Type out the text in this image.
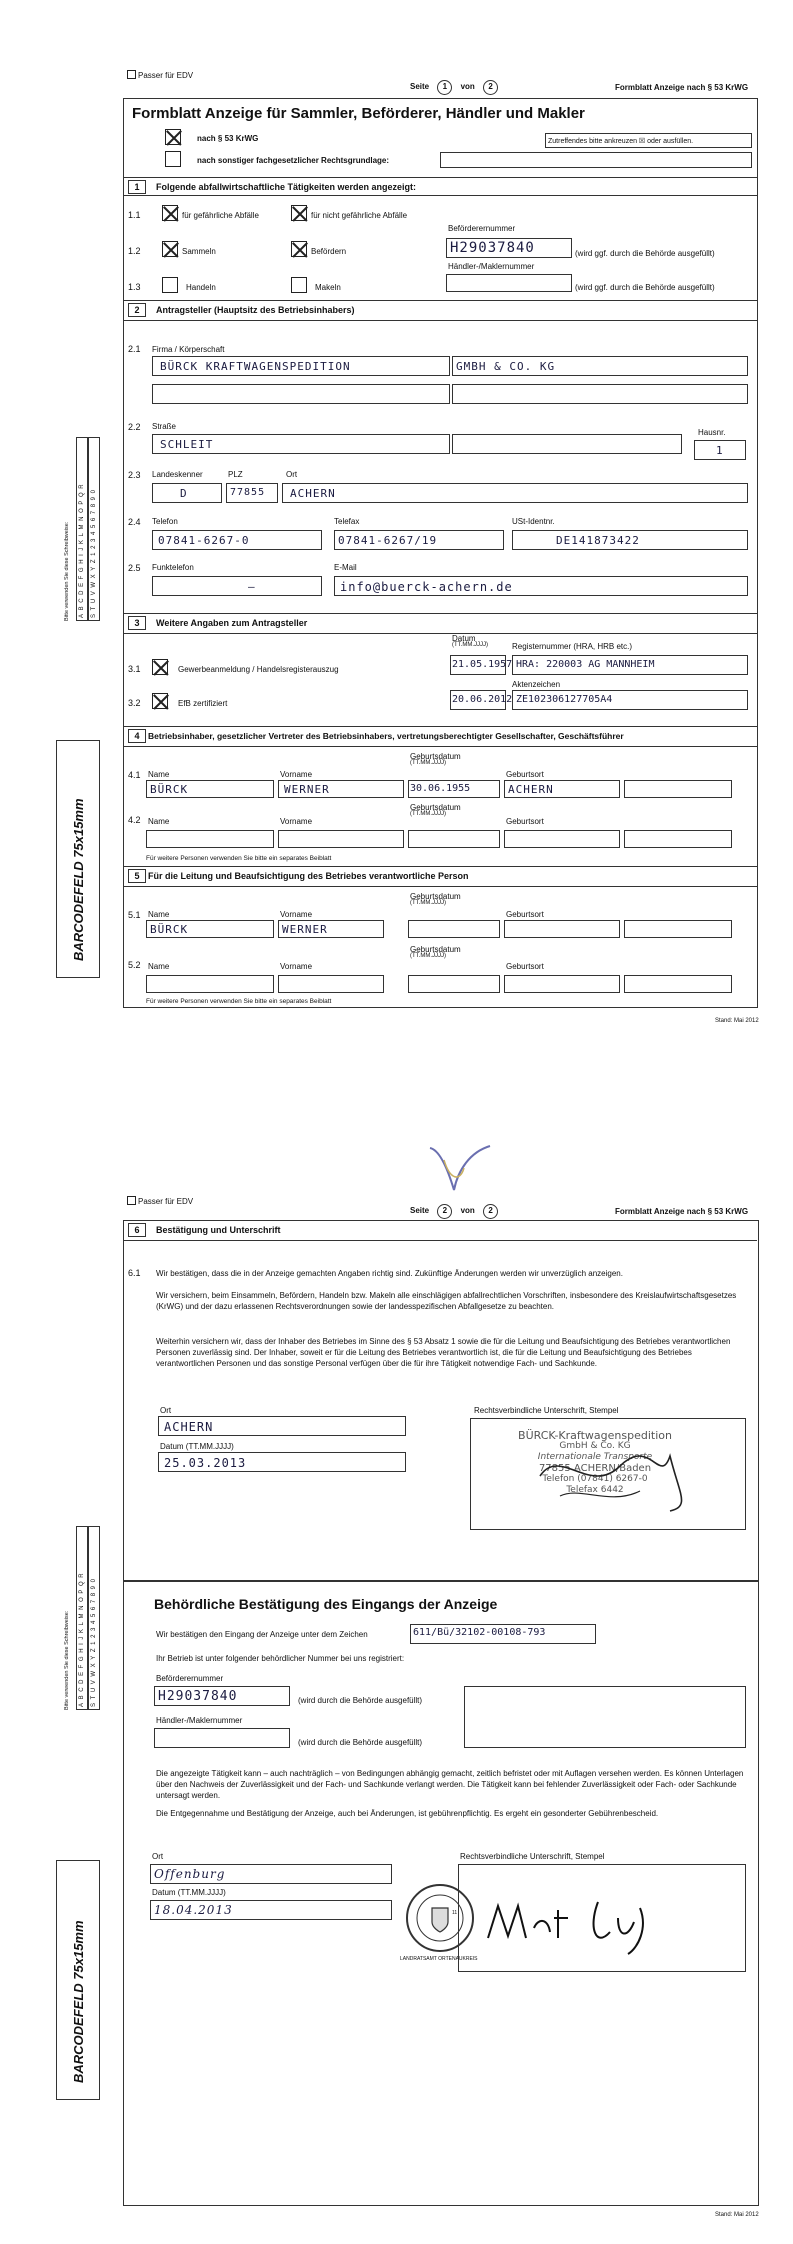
Passer für EDV
Seite 1 von 2	Formblatt Anzeige nach § 53 KrWG
Formblatt Anzeige für Sammler, Beförderer, Händler und Makler
nach § 53 KrWG
nach sonstiger fachgesetzlicher Rechtsgrundlage:
Zutreffendes bitte ankreuzen ☒ oder ausfüllen.
1	Folgende abfallwirtschaftliche Tätigkeiten werden angezeigt:
1.1	für gefährliche Abfälle	für nicht gefährliche Abfälle
Beförderernummer
1.2	Sammeln	Befördern	H29037840	(wird ggf. durch die Behörde ausgefüllt)
Händler-/Maklernummer
1.3	Handeln	Makeln	(wird ggf. durch die Behörde ausgefüllt)
2	Antragsteller (Hauptsitz des Betriebsinhabers)
2.1 Firma / Körperschaft
BÜRCK KRAFTWAGENSPEDITION	GMBH & CO. KG
2.2 Straße
Hausnr.
SCHLEIT	1
2.3 Landeskenner	PLZ	Ort
D	77855 ACHERN
2.4 Telefon	Telefax	USt-Identnr.
07841-6267-0	07841-6267/19	DE141873422
2.5 Funktelefon	E-Mail
–	info@buerck-achern.de
3	Weitere Angaben zum Antragsteller
Datum
(TT.MM.JJJJ)	Registernummer (HRA, HRB etc.)
3.1	Gewerbeanmeldung / Handelsregisterauszug	21.05.1957 HRA: 220003 AG MANNHEIM
Aktenzeichen
3.2	EfB zertifiziert	20.06.2012 ZE102306127705A4
4	Betriebsinhaber, gesetzlicher Vertreter des Betriebsinhabers, vertretungsberechtigter Gesellschafter, Geschäftsführer
Geburtsdatum
(TT.MM.JJJJ)
4.1 Name	Vorname	Geburtsort
BÜRCK	WERNER	30.06.1955	ACHERN
Geburtsdatum
(TT.MM.JJJJ)
4.2 Name	Vorname	Geburtsort
Für weitere Personen verwenden Sie bitte ein separates Beiblatt
5 Für die Leitung und Beaufsichtigung des Betriebes verantwortliche Person
Geburtsdatum
(TT.MM.JJJJ)
5.1 Name	Vorname	Geburtsort
BÜRCK	WERNER
Geburtsdatum
(TT.MM.JJJJ)
5.2 Name	Vorname	Geburtsort
Für weitere Personen verwenden Sie bitte ein separates Beiblatt
Stand: Mai 2012
Bitte verwenden Sie diese Schreibweise:	ABCDEFGHIJKLMNOPQR	STUVWXYZ1234567890
BARCODEFELD 75x15mm
Passer für EDV
Seite 2 von 2	Formblatt Anzeige nach § 53 KrWG
6	Bestätigung und Unterschrift
6.1 Wir bestätigen, dass die in der Anzeige gemachten Angaben richtig sind. Zukünftige Änderungen werden wir unverzüglich anzeigen.
Wir versichern, beim Einsammeln, Befördern, Handeln bzw. Makeln alle einschlägigen abfallrechtlichen Vorschriften, insbesondere des Kreislaufwirtschaftsgesetzes (KrWG) und der dazu erlassenen Rechtsverordnungen sowie der landesspezifischen Abfallgesetze zu beachten.
Weiterhin versichern wir, dass der Inhaber des Betriebes im Sinne des § 53 Absatz 1 sowie die für die Leitung und Beaufsichtigung des Betriebes verantwortlichen Personen zuverlässig sind. Der Inhaber, soweit er für die Leitung des Betriebes verantwortlich ist, die für die Leitung und Beaufsichtigung des Betriebes verantwortlichen Personen und das sonstige Personal verfügen über die für ihre Tätigkeit notwendige Fach- und Sachkunde.
Ort
ACHERN
Datum (TT.MM.JJJJ)
25.03.2013
Rechtsverbindliche Unterschrift, Stempel
BÜRCK-Kraftwagenspedition
GmbH & Co. KG
Internationale Transporte
77855 ACHERN/Baden
Telefon (07841) 6267-0
Telefax 6442
Behördliche Bestätigung des Eingangs der Anzeige
Wir bestätigen den Eingang der Anzeige unter dem Zeichen	611/Bü/32102-00108-793
Ihr Betrieb ist unter folgender behördlicher Nummer bei uns registriert:
Beförderernummer
H29037840	(wird durch die Behörde ausgefüllt)
Händler-/Maklernummer
(wird durch die Behörde ausgefüllt)
Die angezeigte Tätigkeit kann – auch nachträglich – von Bedingungen abhängig gemacht, zeitlich befristet oder mit Auflagen versehen werden. Es können Unterlagen über den Nachweis der Zuverlässigkeit und der Fach- und Sachkunde verlangt werden. Die Tätigkeit kann bei fehlender Zuverlässigkeit oder Fach- oder Sachkunde untersagt werden.
Die Entgegennahme und Bestätigung der Anzeige, auch bei Änderungen, ist gebührenpflichtig. Es ergeht ein gesonderter Gebührenbescheid.
Ort
Offenburg
Datum (TT.MM.JJJJ)
18.04.2013
Rechtsverbindliche Unterschrift, Stempel
LANDRATSAMT ORTENAUKREIS
11
Stand: Mai 2012
Bitte verwenden Sie diese Schreibweise:	ABCDEFGHIJKLMNOPQR	STUVWXYZ1234567890
BARCODEFELD 75x15mm
